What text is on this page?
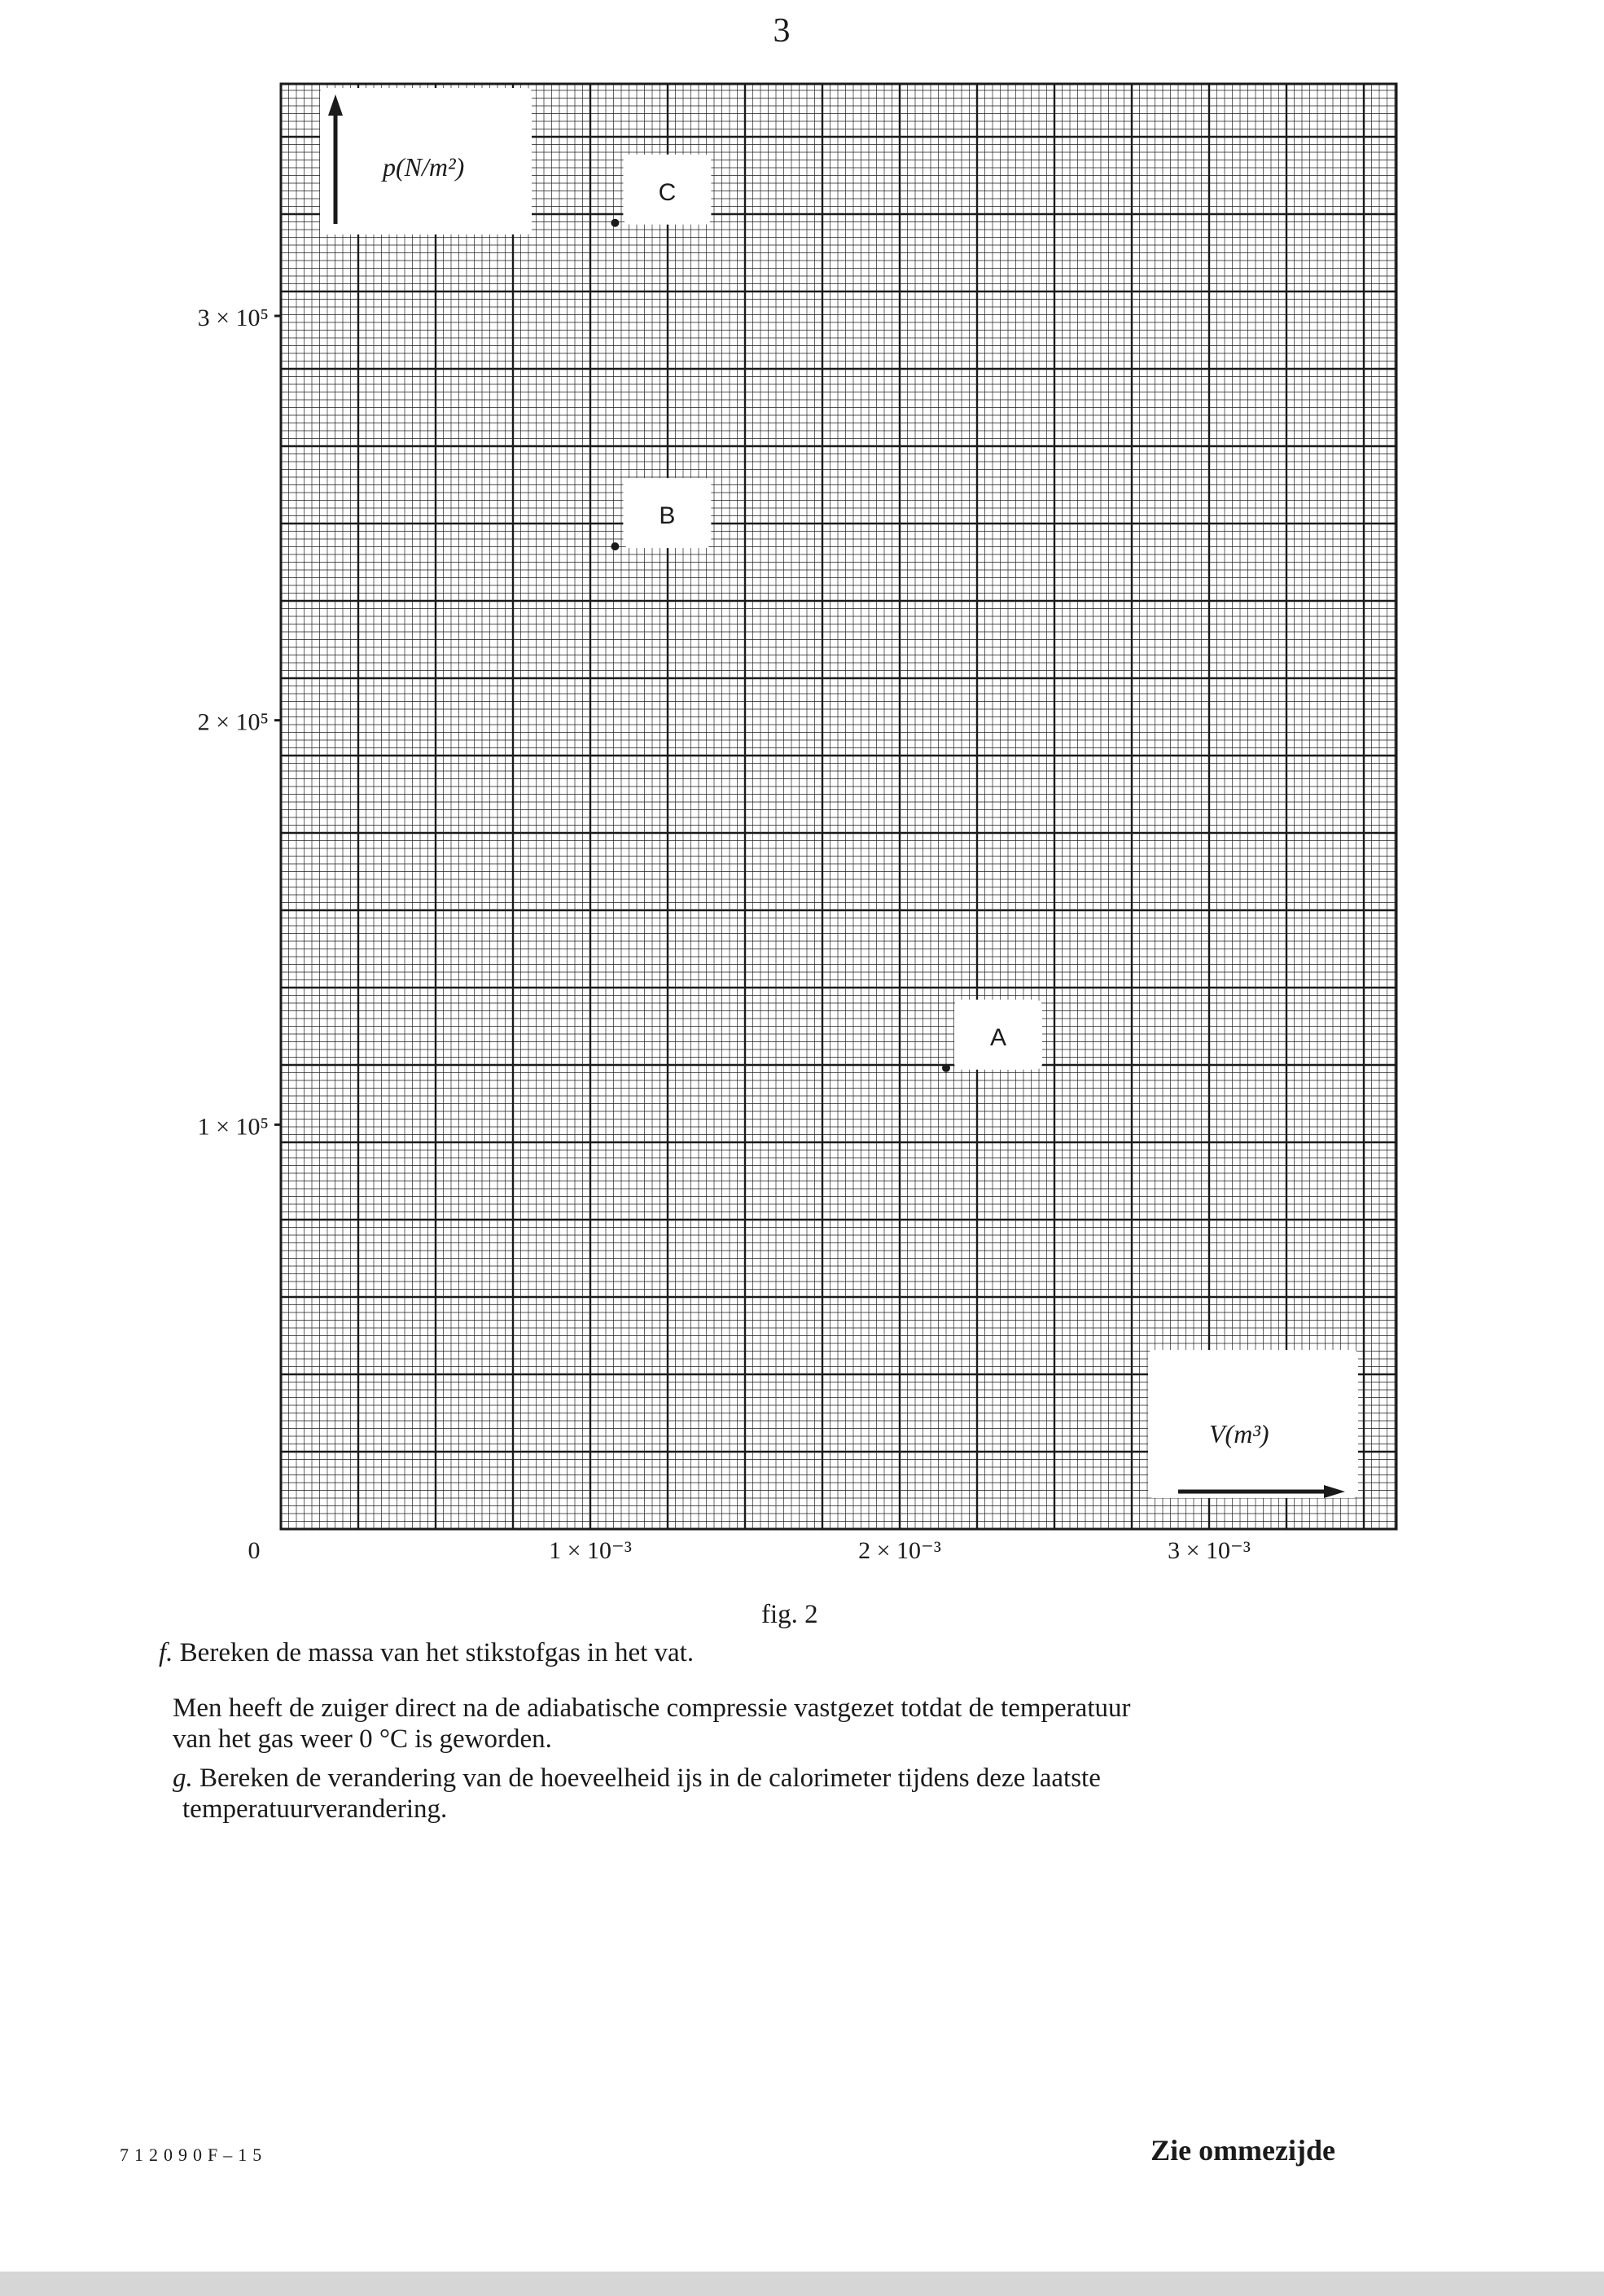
3
p(N/m²)
V(m³)
1 × 10⁵
2 × 10⁵
3 × 10⁵
0	1 × 10⁻³	2 × 10⁻³	3 × 10⁻³
A
B
C
fig. 2
f. Bereken de massa van het stikstofgas in het vat.
Men heeft de zuiger direct na de adiabatische compressie vastgezet totdat de temperatuur
van het gas weer 0 °C is geworden.
g. Bereken de verandering van de hoeveelheid ijs in de calorimeter tijdens deze laatste
temperatuurverandering.
712090F–15	Zie ommezijde
